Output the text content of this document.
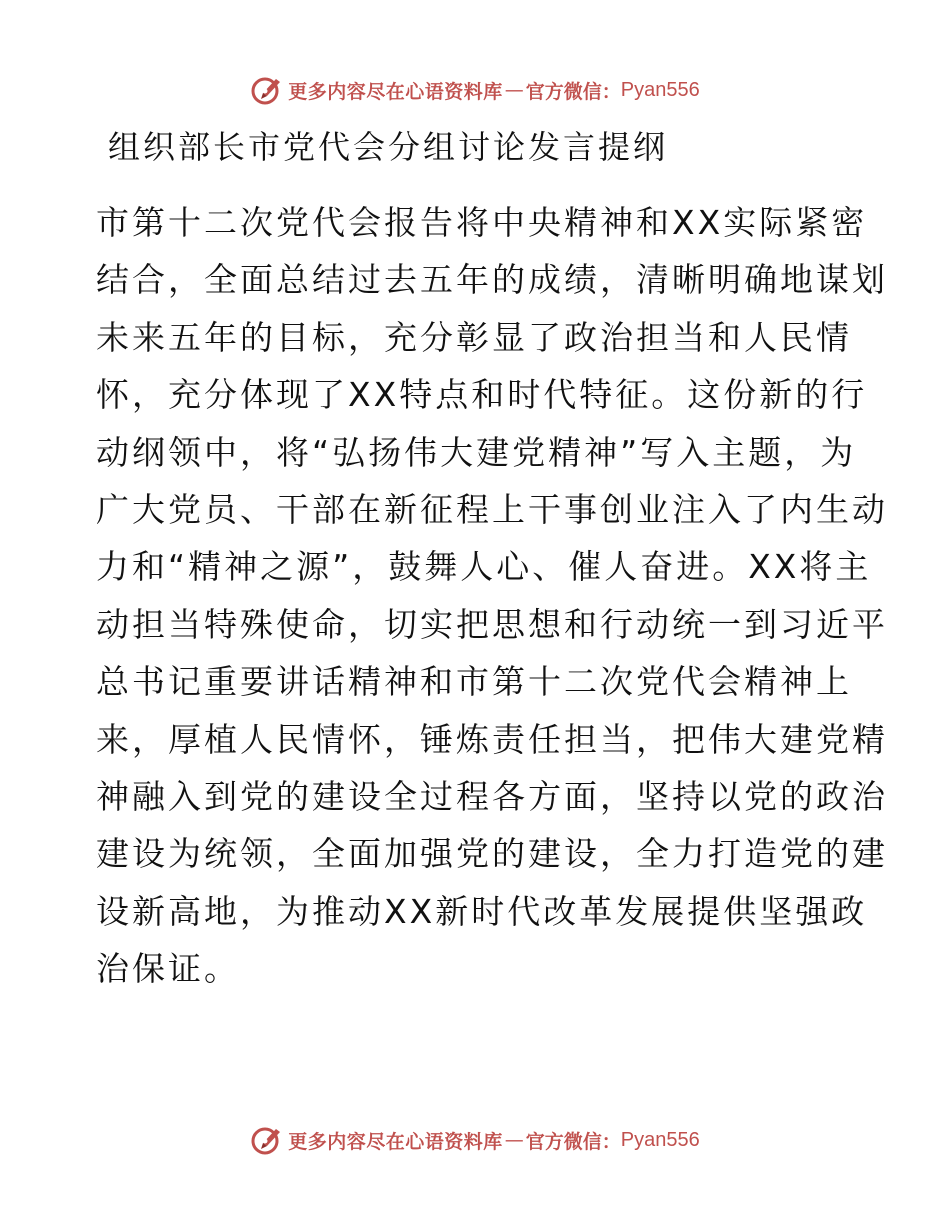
更多内容尽在心语资料库 — 官方微信： Pyan556
组织部长市党代会分组讨论发言提纲
市第十二次党代会报告将中央精神和XX实际紧密
结合，全面总结过去五年的成绩，清晰明确地谋划
未来五年的目标，充分彰显了政治担当和人民情
怀，充分体现了XX特点和时代特征。这份新的行
动纲领中，将“弘扬伟大建党精神”写入主题，为
广大党员、干部在新征程上干事创业注入了内生动
力和“精神之源”，鼓舞人心、催人奋进。XX将主
动担当特殊使命，切实把思想和行动统一到习近平
总书记重要讲话精神和市第十二次党代会精神上
来，厚植人民情怀，锤炼责任担当，把伟大建党精
神融入到党的建设全过程各方面，坚持以党的政治
建设为统领，全面加强党的建设，全力打造党的建
设新高地，为推动XX新时代改革发展提供坚强政
治保证。
更多内容尽在心语资料库 — 官方微信： Pyan556
